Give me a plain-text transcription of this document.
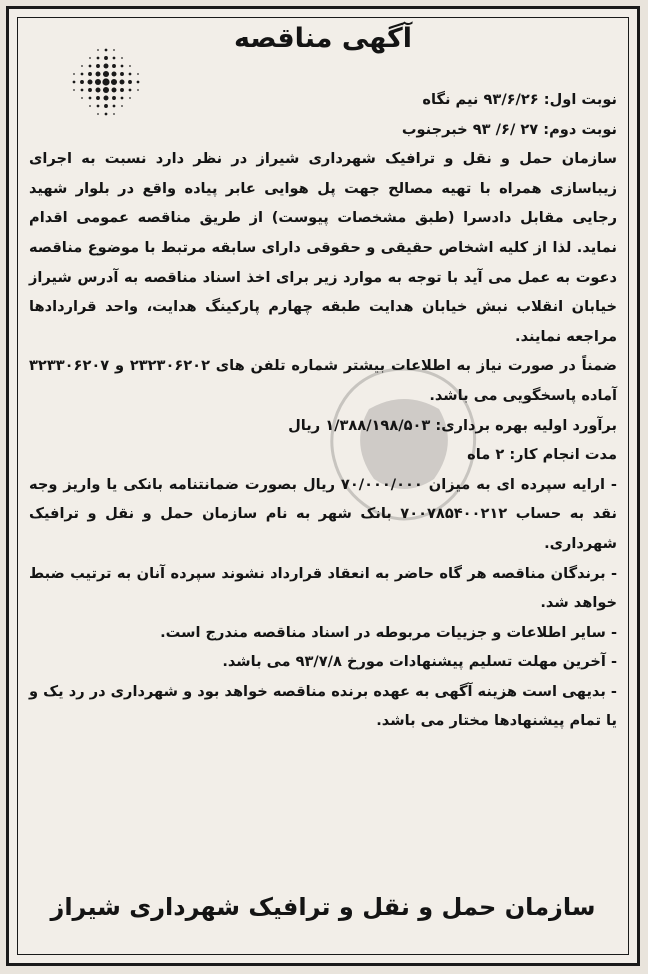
آگهی مناقصه

نوبت اول: ۹۳/۶/۲۶ نیم نگاه

نوبت دوم: ۲۷ /۶/ ۹۳ خبرجنوب

سازمان حمل و نقل و ترافیک شهرداری شیراز در نظر دارد نسبت به اجرای زیباسازی همراه با تهیه مصالح جهت پل هوایی عابر پیاده واقع در بلوار شهید رجایی مقابل دادسرا (طبق مشخصات پیوست) از طریق مناقصه عمومی اقدام نماید. لذا از کلیه اشخاص حقیقی و حقوقی دارای سابقه مرتبط با موضوع مناقصه دعوت به عمل می آید با توجه به موارد زیر برای اخذ اسناد مناقصه به آدرس شیراز خیابان انقلاب نبش خیابان هدایت طبقه چهارم پارکینگ هدایت، واحد قراردادها مراجعه نمایند.

ضمناً در صورت نیاز به اطلاعات بیشتر شماره تلفن های ۲۳۲۳۰۶۲۰۲ و ۳۲۳۳۰۶۲۰۷ آماده پاسخگویی می باشد.

برآورد اولیه بهره برداری: ۱/۳۸۸/۱۹۸/۵۰۳ ریال

مدت انجام کار: ۲ ماه

- ارایه سپرده ای به میزان ۷۰/۰۰۰/۰۰۰ ریال بصورت ضمانتنامه بانکی یا واریز وجه نقد به حساب ۷۰۰۷۸۵۴۰۰۲۱۲ بانک شهر به نام سازمان حمل و نقل و ترافیک شهرداری.

- برندگان مناقصه هر گاه حاضر به انعقاد قرارداد نشوند سپرده آنان به ترتیب ضبط خواهد شد.

- سایر اطلاعات و جزییات مربوطه در اسناد مناقصه مندرج است.

- آخرین مهلت تسلیم پیشنهادات مورخ ۹۳/۷/۸ می باشد.

- بدیهی است هزینه آگهی به عهده برنده مناقصه خواهد بود و شهرداری در رد یک و یا تمام پیشنهادها مختار می باشد.

سازمان حمل و نقل و ترافیک شهرداری شیراز
